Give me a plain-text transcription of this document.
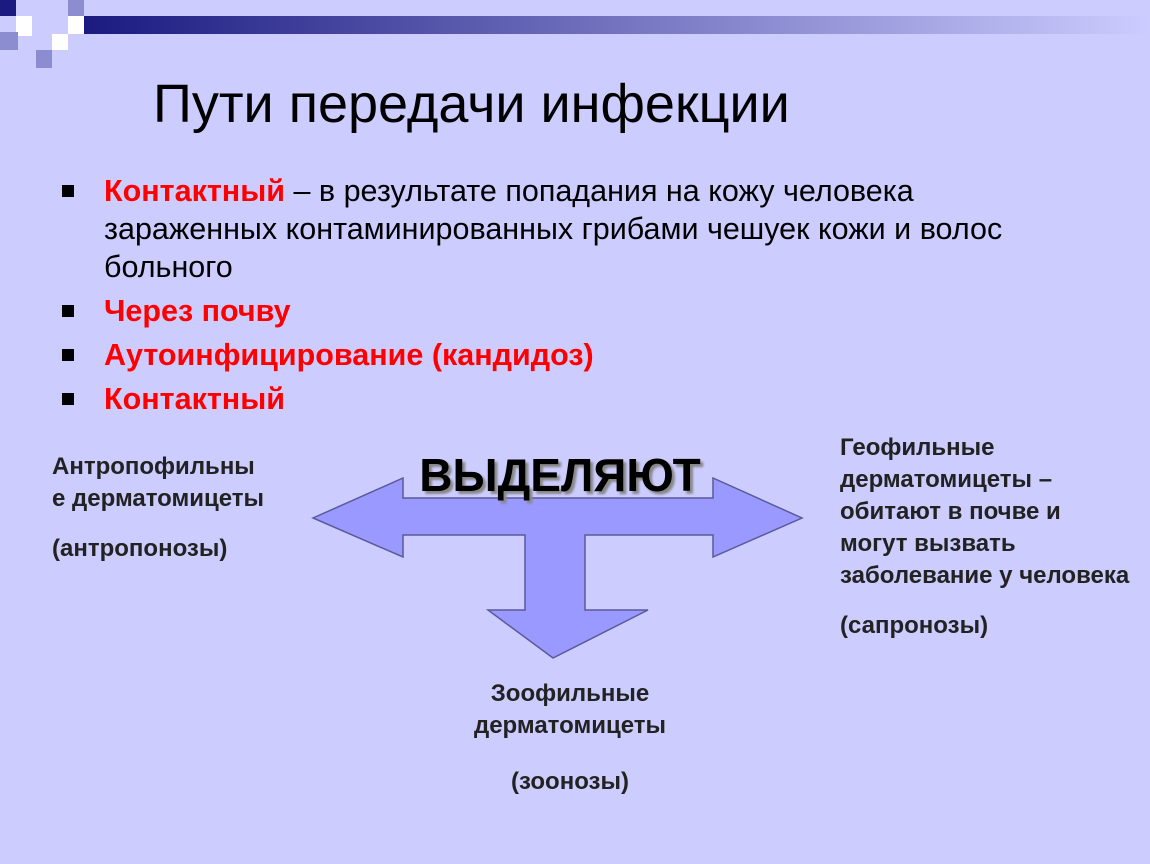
Пути передачи инфекции
Контактный – в результате попадания на кожу человека зараженных контаминированных грибами чешуек кожи и волос больного
Через почву
Аутоинфицирование (кандидоз)
Контактный
ВЫДЕЛЯЮТ

Антропофильны

е дерматомицеты

(антропонозы)

Геофильные дерматомицеты – обитают в почве и могут вызвать заболевание у человека

(сапронозы)

Зоофильные дерматомицеты

(зоонозы)
